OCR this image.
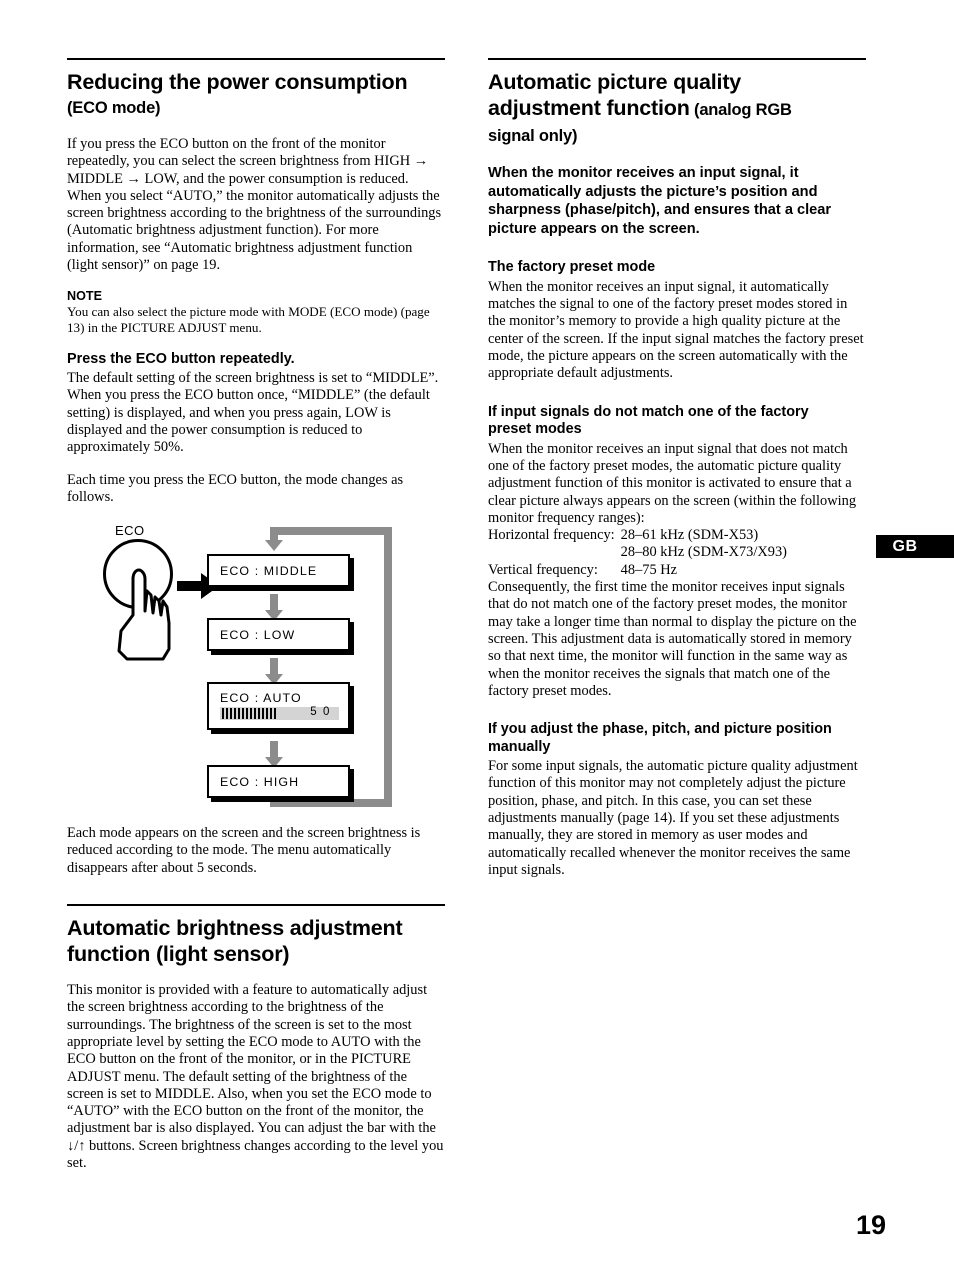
Reducing the power consumption
(ECO mode)

If you press the ECO button on the front of the monitor repeatedly, you can select the screen brightness from HIGH → MIDDLE → LOW, and the power consumption is reduced. When you select “AUTO,” the monitor automatically adjusts the screen brightness according to the brightness of the surroundings (Automatic brightness adjustment function). For more information, see “Automatic brightness adjustment function (light sensor)” on page 19.

NOTE

You can also select the picture mode with MODE (ECO mode) (page 13) in the PICTURE ADJUST menu.

Press the ECO button repeatedly.

The default setting of the screen brightness is set to “MIDDLE”. When you press the ECO button once, “MIDDLE” (the default setting) is displayed, and when you press again, LOW is displayed and the power consumption is reduced to approximately 50%.

Each time you press the ECO button, the mode changes as follows.

ECO
ECO : MIDDLE
ECO : LOW
ECO : AUTO
5 0
ECO : HIGH

Each mode appears on the screen and the screen brightness is reduced according to the mode. The menu automatically disappears after about 5 seconds.

Automatic brightness adjustment
function (light sensor)

This monitor is provided with a feature to automatically adjust the screen brightness according to the brightness of the surroundings. The brightness of the screen is set to the most appropriate level by setting the ECO mode to AUTO with the ECO button on the front of the monitor, or in the PICTURE ADJUST menu. The default setting of the brightness of the screen is set to MIDDLE. Also, when you set the ECO mode to “AUTO” with the ECO button on the front of the monitor, the adjustment bar is also displayed. You can adjust the bar with the ↓/↑ buttons. Screen brightness changes according to the level you set.

Automatic picture quality
adjustment function (analog RGB
signal only)

When the monitor receives an input signal, it automatically adjusts the picture’s position and sharpness (phase/pitch), and ensures that a clear picture appears on the screen.

The factory preset mode

When the monitor receives an input signal, it automatically matches the signal to one of the factory preset modes stored in the monitor’s memory to provide a high quality picture at the center of the screen. If the input signal matches the factory preset mode, the picture appears on the screen automatically with the appropriate default adjustments.

If input signals do not match one of the factory
preset modes

When the monitor receives an input signal that does not match one of the factory preset modes, the automatic picture quality adjustment function of this monitor is activated to ensure that a clear picture always appears on the screen (within the following monitor frequency ranges):

Horizontal frequency:	28–61 kHz (SDM-X53)
	28–80 kHz (SDM-X73/X93)
Vertical frequency:	48–75 Hz

Consequently, the first time the monitor receives input signals that do not match one of the factory preset modes, the monitor may take a longer time than normal to display the picture on the screen. This adjustment data is automatically stored in memory so that next time, the monitor will function in the same way as when the monitor receives the signals that match one of the factory preset modes.

If you adjust the phase, pitch, and picture position
manually

For some input signals, the automatic picture quality adjustment function of this monitor may not completely adjust the picture position, phase, and pitch. In this case, you can set these adjustments manually (page 14). If you set these adjustments manually, they are stored in memory as user modes and automatically recalled whenever the monitor receives the same input signals.

GB
19
